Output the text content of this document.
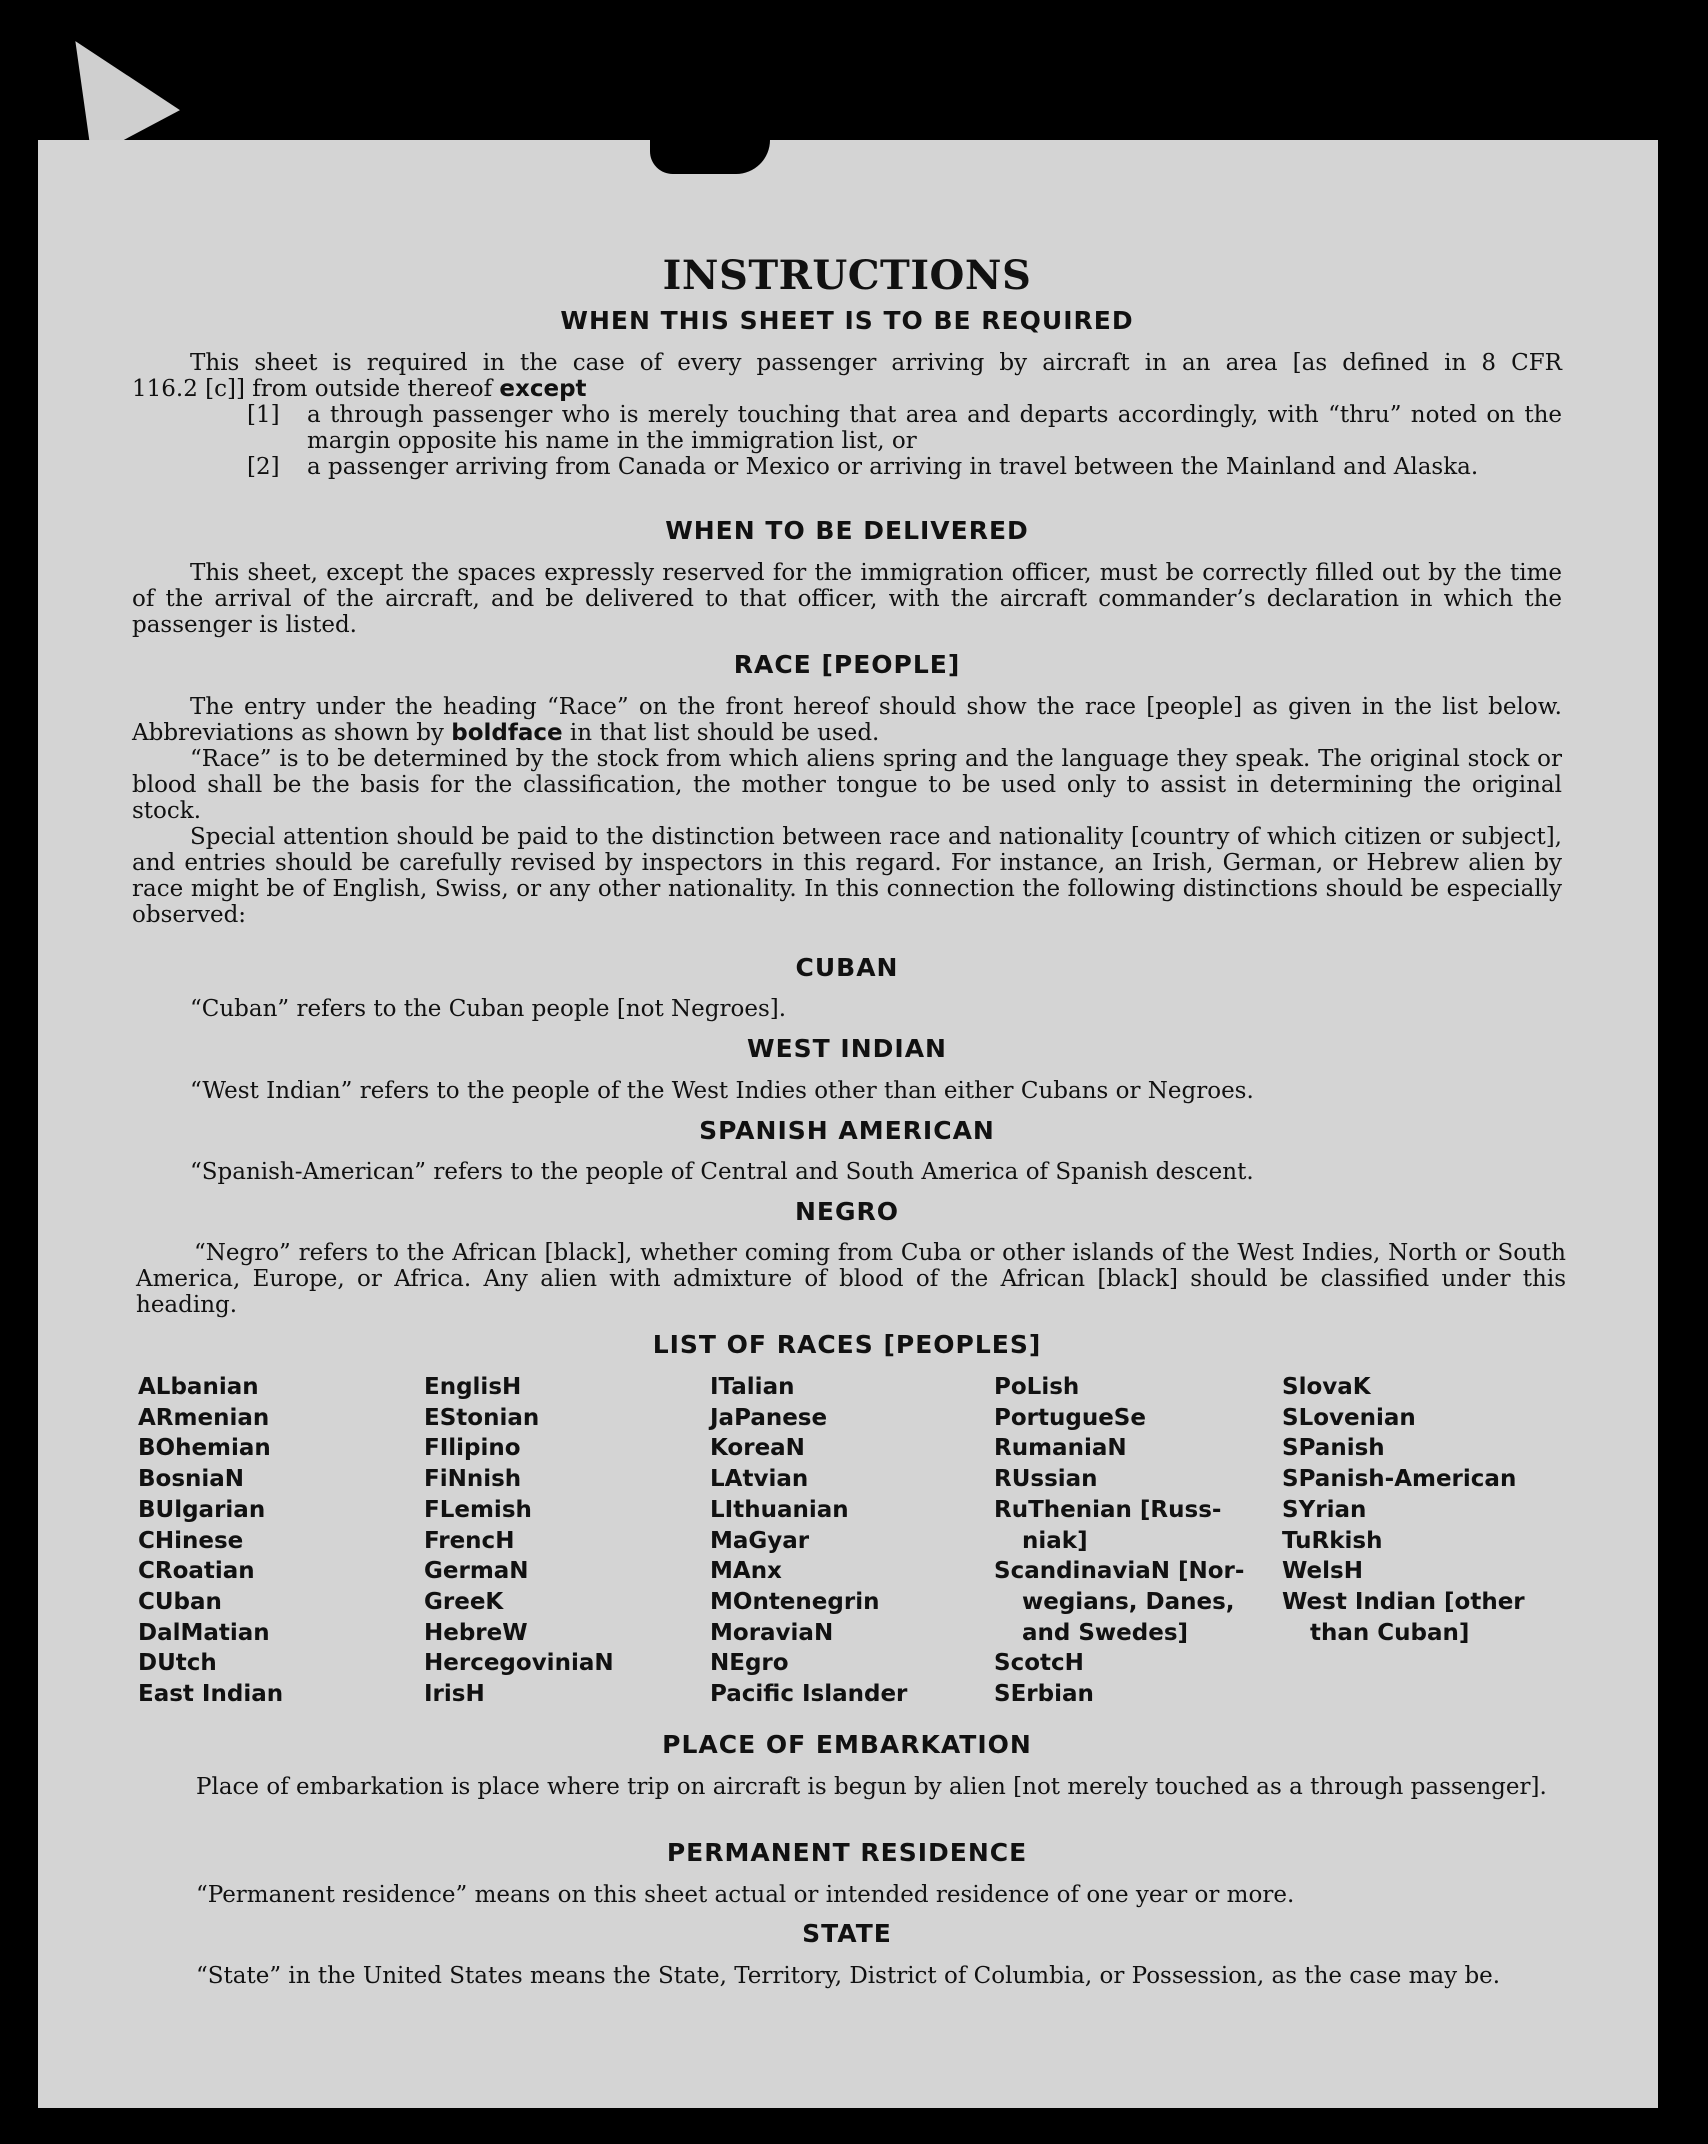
INSTRUCTIONS
WHEN THIS SHEET IS TO BE REQUIRED
This sheet is required in the case of every passenger arriving by aircraft in an area [as defined in 8 CFR
116.2 [c]] from outside thereof except
[1]	a through passenger who is merely touching that area and departs accordingly, with “thru” noted on the margin opposite his name in the immigration list, or
[2]	a passenger arriving from Canada or Mexico or arriving in travel between the Mainland and Alaska.
WHEN TO BE DELIVERED
This sheet, except the spaces expressly reserved for the immigration officer, must be correctly filled out by the time of the arrival of the aircraft, and be delivered to that officer, with the aircraft commander’s declaration in which the passenger is listed.
RACE [PEOPLE]
The entry under the heading “Race” on the front hereof should show the race [people] as given in the list below. Abbreviations as shown by boldface in that list should be used.
“Race” is to be determined by the stock from which aliens spring and the language they speak. The original stock or blood shall be the basis for the classification, the mother tongue to be used only to assist in determining the original stock.
Special attention should be paid to the distinction between race and nationality [country of which citizen or subject], and entries should be carefully revised by inspectors in this regard. For instance, an Irish, German, or Hebrew alien by race might be of English, Swiss, or any other nationality. In this connection the following distinctions should be especially observed:
CUBAN
“Cuban” refers to the Cuban people [not Negroes].
WEST INDIAN
“West Indian” refers to the people of the West Indies other than either Cubans or Negroes.
SPANISH AMERICAN
“Spanish-American” refers to the people of Central and South America of Spanish descent.
NEGRO
“Negro” refers to the African [black], whether coming from Cuba or other islands of the West Indies, North or South America, Europe, or Africa. Any alien with admixture of blood of the African [black] should be classified under this heading.
LIST OF RACES [PEOPLES]
ALbanian
ARmenian
BOhemian
BosniaN
BUlgarian
CHinese
CRoatian
CUban
DalMatian
DUtch
East Indian
EnglisH
EStonian
FIlipino
FiNnish
FLemish
FrencH
GermaN
GreeK
HebreW
HercegoviniaN
IrisH
ITalian
JaPanese
KoreaN
LAtvian
LIthuanian
MaGyar
MAnx
MOntenegrin
MoraviaN
NEgro
Pacific Islander
PoLish
PortugueSe
RumaniaN
RUssian
RuThenian [Russ-
niak]
ScandinaviaN [Nor-
wegians, Danes,
and Swedes]
ScotcH
SErbian
SlovaK
SLovenian
SPanish
SPanish-American
SYrian
TuRkish
WelsH
West Indian [other
than Cuban]
PLACE OF EMBARKATION
Place of embarkation is place where trip on aircraft is begun by alien [not merely touched as a through passenger].
PERMANENT RESIDENCE
“Permanent residence” means on this sheet actual or intended residence of one year or more.
STATE
“State” in the United States means the State, Territory, District of Columbia, or Possession, as the case may be.
